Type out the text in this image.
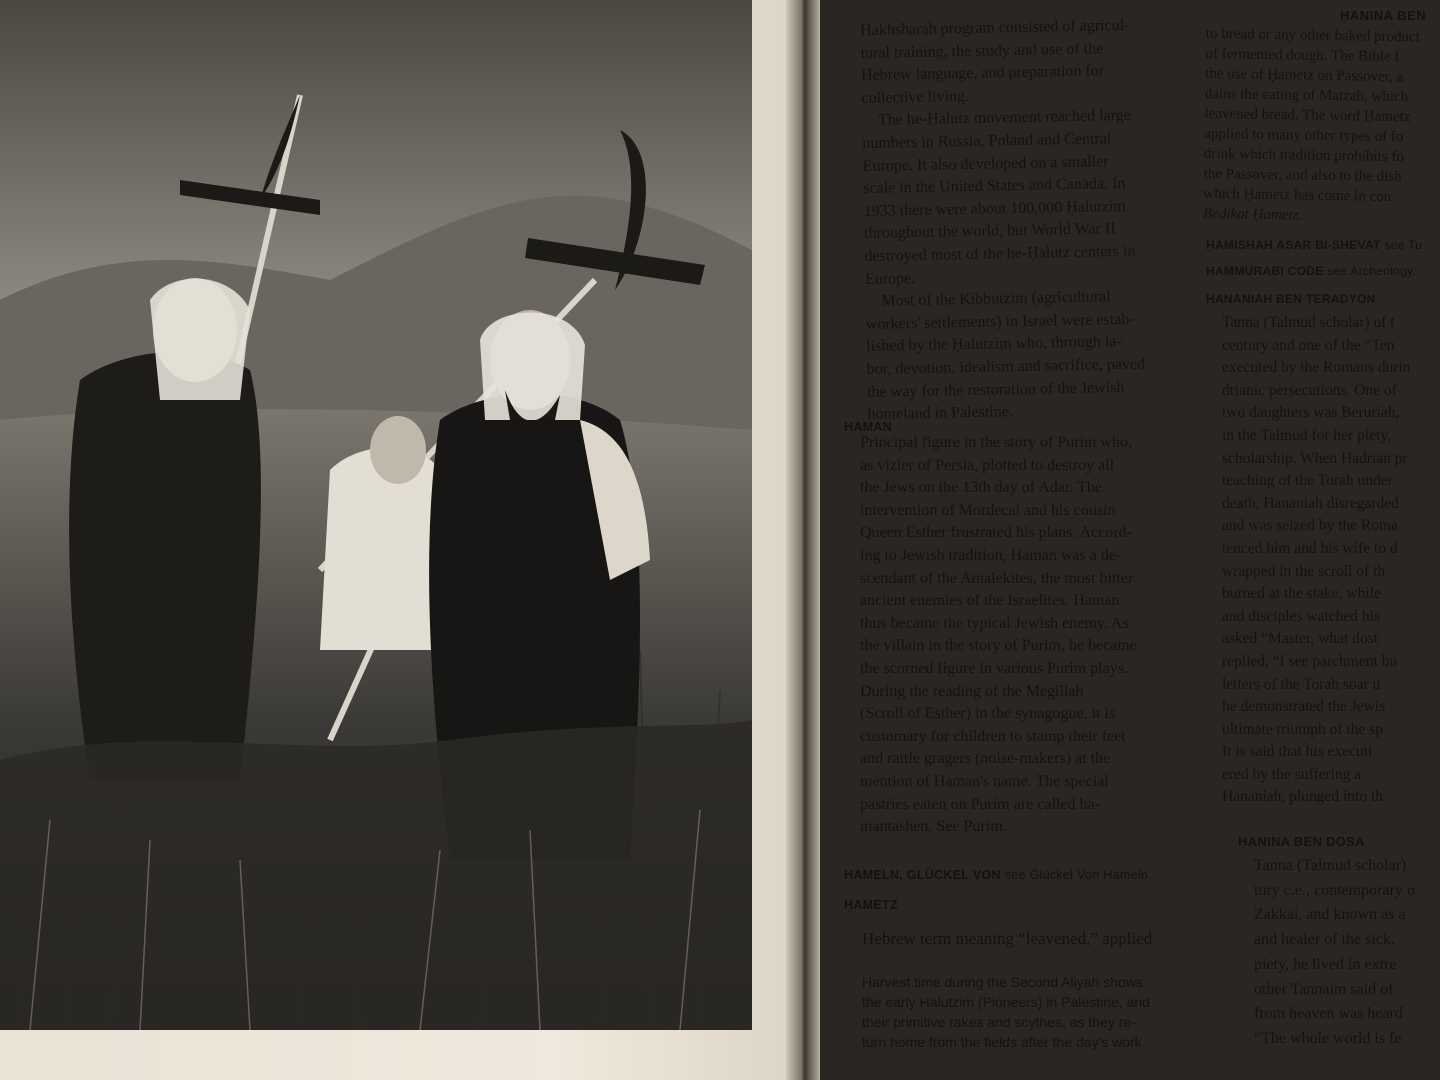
Hakhsharah program consisted of agricul-
tural training, the study and use of the
Hebrew language, and preparation for
collective living.
The he-Ḥalutz movement reached large
numbers in Russia, Poland and Central
Europe. It also developed on a smaller
scale in the United States and Canada. In
1933 there were about 100,000 Ḥalutzim
throughout the world, but World War II
destroyed most of the he-Ḥalutz centers in
Europe.
Most of the Kibbutzim (agricultural
workers' settlements) in Israel were estab-
lished by the Ḥalutzim who, through la-
bor, devotion, idealism and sacrifice, paved
the way for the restoration of the Jewish
homeland in Palestine.
HAMAN
Principal figure in the story of Purim who,
as vizier of Persia, plotted to destroy all
the Jews on the 13th day of Adar. The
intervention of Mordecai and his cousin
Queen Esther frustrated his plans. Accord-
ing to Jewish tradition, Haman was a de-
scendant of the Amalekites, the most bitter
ancient enemies of the Israelites. Haman
thus became the typical Jewish enemy. As
the villain in the story of Purim, he became
the scorned figure in various Purim plays.
During the reading of the Megillah
(Scroll of Esther) in the synagogue, it is
customary for children to stamp their feet
and rattle gragers (noise-makers) at the
mention of Haman's name. The special
pastries eaten on Purim are called ha-
mantashen. See Purim.
HAMELN, GLÜCKEL VON see Glückel Von Hameln.
ḤAMETZ
Hebrew term meaning “leavened,” applied
Harvest time during the Second Aliyah shows
the early Ḥalutzim (Pioneers) in Palestine, and
their primitive rakes and scythes, as they re-
turn home from the fields after the day's work.
ḤANINA BEN
to bread or any other baked product
of fermented dough. The Bible f
the use of Ḥametz on Passover, a
dains the eating of Matzah, which
leavened bread. The word Ḥametz
applied to many other types of fo
drink which tradition prohibits fo
the Passover, and also to the dish
which Ḥametz has come in con
Bedikat Ḥametz.
ḤAMISHAH ASAR BI-SHEVAT see Tu
HAMMURABI CODE see Archeology.
HANANIAH BEN TERADYON
Tanna (Talmud scholar) of t
century and one of the “Ten
executed by the Romans durin
drianic persecutions. One of
two daughters was Beruriah,
in the Talmud for her piety,
scholarship. When Hadrian pr
teaching of the Torah under
death, Hananiah disregarded
and was seized by the Roma
tenced him and his wife to d
wrapped in the scroll of th
burned at the stake, while
and disciples watched his
asked “Master, what dost
replied, “I see parchment bu
letters of the Torah soar u
he demonstrated the Jewis
ultimate triumph of the sp
It is said that his executi
ered by the suffering a
Hananiah, plunged into th
ḤANINA BEN DOSA
Tanna (Talmud scholar)
tury c.e., contemporary o
Zakkai, and known as a
and healer of the sick.
piety, he lived in extre
other Tannaim said of
from heaven was heard
“The whole world is fe
